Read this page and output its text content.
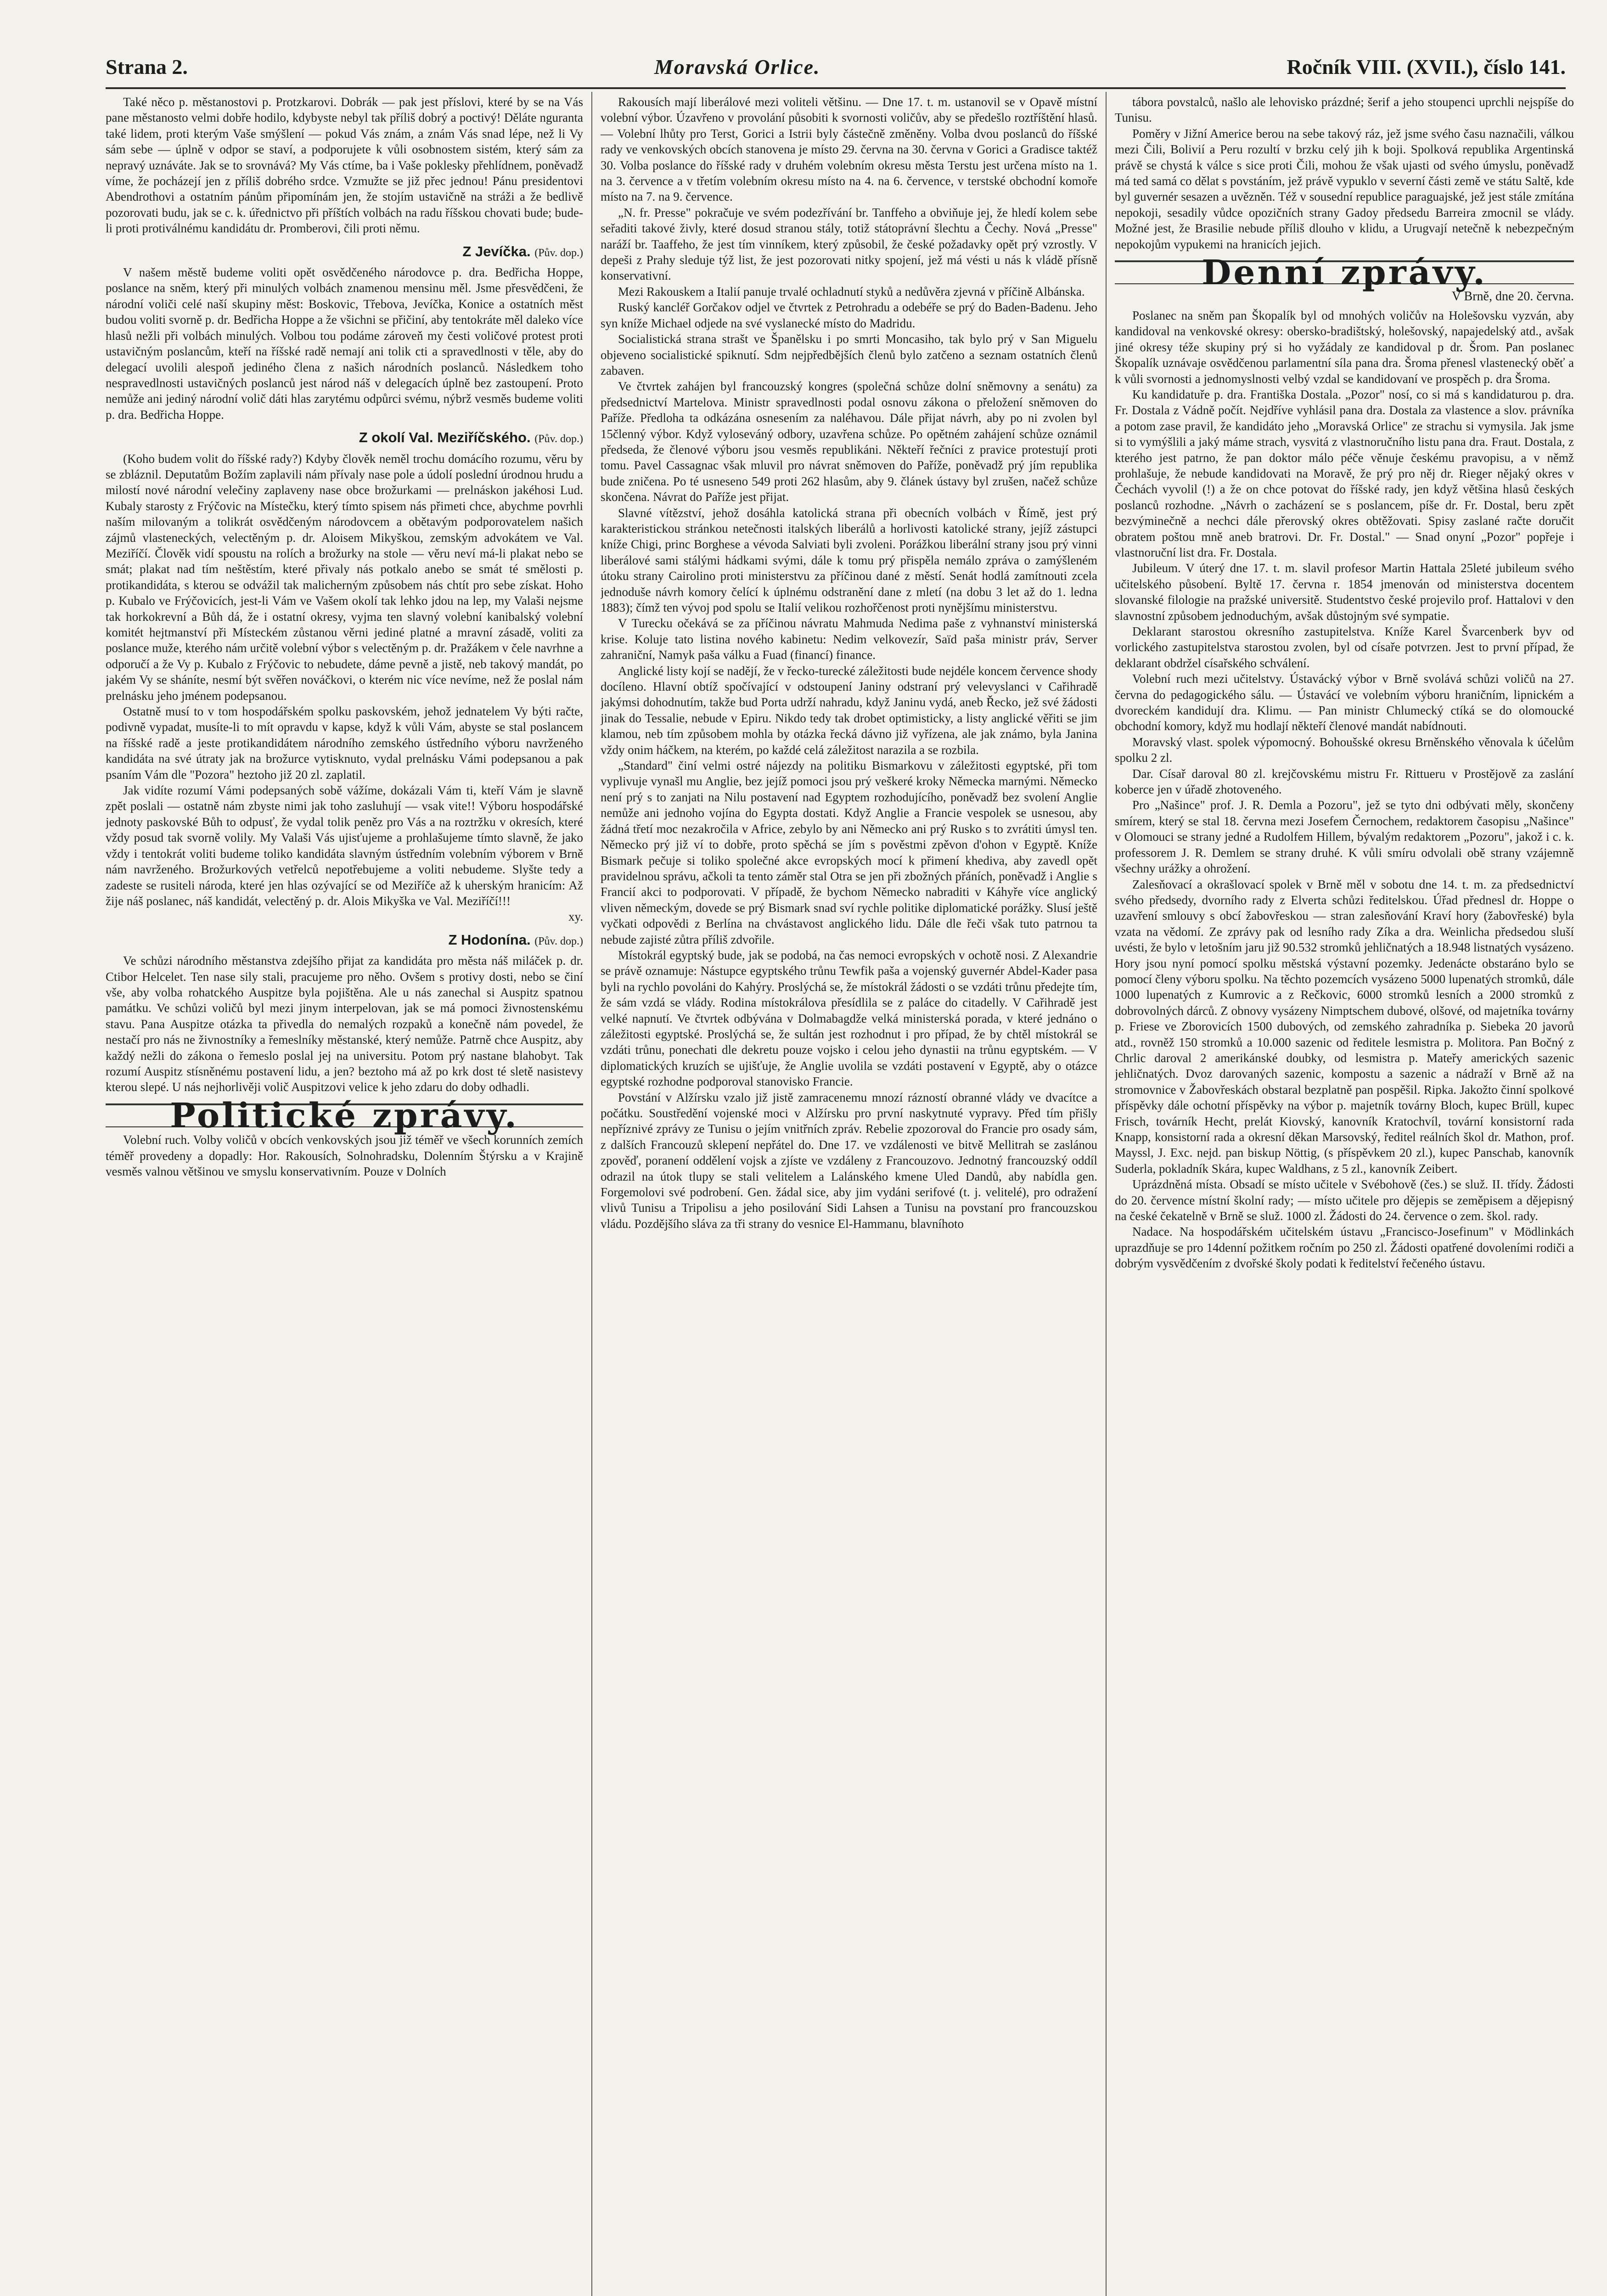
Strana 2.	Moravská Orlice.	Ročník VIII. (XVII.), číslo 141.

Také něco p. městanostovi p. Protzkarovi. Dobrák — pak jest příslovi, které by se na Vás pane městanosto velmi dobře hodilo, kdybyste nebyl tak příliš dobrý a poctivý! Děláte nguranta také lidem, proti kterým Vaše smýšlení — pokud Vás znám, a znám Vás snad lépe, než li Vy sám sebe — úplně v odpor se staví, a podporujete k vůli osobnostem sistém, který sám za nepravý uznáváte. Jak se to srovnává? My Vás ctíme, ba i Vaše poklesky přehlídnem, poněvadž víme, že pocházejí jen z příliš dobrého srdce. Vzmužte se již přec jednou! Pánu presidentovi Abendrothovi a ostatním pánům připomínám jen, že stojím ustavičně na stráži a že bedlivě pozorovati budu, jak se c. k. úřednictvo při příštích volbách na radu říšskou chovati bude; bude-li proti protiválnému kandidátu dr. Promberovi, čili proti němu.

Z Jevíčka. (Pův. dop.)

V našem městě budeme voliti opět osvědčeného národovce p. dra. Bedřicha Hoppe, poslance na sněm, který při minulých volbách znamenou mensinu měl. Jsme přesvědčeni, že národní voliči celé naší skupiny měst: Boskovic, Třebova, Jevíčka, Konice a ostatních měst budou voliti svorně p. dr. Bedřicha Hoppe a že všichni se přičiní, aby tentokráte měl daleko více hlasů nežli při volbách minulých. Volbou tou podáme zároveň my česti voličové protest proti ustavičným poslancům, kteří na říšské radě nemají ani tolik cti a spravedlnosti v těle, aby do delegací uvolili alespoň jediného člena z našich národních poslanců. Následkem toho nespravedlnosti ustavičných poslanců jest národ náš v delegacích úplně bez zastoupení. Proto nemůže ani jediný národní volič dáti hlas zarytému odpůrci svému, nýbrž vesměs budeme voliti p. dra. Bedřicha Hoppe.

Z okolí Val. Meziříčského. (Pův. dop.)

(Koho budem volit do říšské rady?) Kdyby člověk neměl trochu domácího rozumu, věru by se zbláznil. Deputatům Božím zaplavili nám přívaly nase pole a údolí poslední úrodnou hrudu a milostí nové národní velečiny zaplaveny nase obce brožurkami — prelnáskon jakéhosi Lud. Kubaly starosty z Frýčovic na Místečku, který tímto spisem nás přimeti chce, abychme povrhli naším milovaným a tolikrát osvědčeným národovcem a obětavým podporovatelem našich zájmů vlasteneckých, velectěným p. dr. Aloisem Mikyškou, zemským advokátem ve Val. Meziříčí. Člověk vidí spoustu na rolích a brožurky na stole — věru neví má-li plakat nebo se smát; plakat nad tím neštěstím, které přivaly nás potkalo anebo se smát té smělosti p. protikandidáta, s kterou se odvážil tak malicherným způsobem nás chtít pro sebe získat. Hoho p. Kubalo ve Frýčovicích, jest-li Vám ve Vašem okolí tak lehko jdou na lep, my Valaši nejsme tak horkokrevní a Bůh dá, že i ostatní okresy, vyjma ten slavný volební kanibalský volební komitét hejtmanství při Místeckém zůstanou věrni jediné platné a mravní zásadě, voliti za poslance muže, kterého nám určitě volební výbor s velectěným p. dr. Pražákem v čele navrhne a odporučí a že Vy p. Kubalo z Frýčovic to nebudete, dáme pevně a jistě, neb takový mandát, po jakém Vy se sháníte, nesmí být svěřen nováčkovi, o kterém nic více nevíme, než že poslal nám prelnásku jeho jménem podepsanou.

Ostatně musí to v tom hospodářském spolku paskovském, jehož jednatelem Vy býti račte, podivně vypadat, musíte-li to mít opravdu v kapse, když k vůli Vám, abyste se stal poslancem na říšské radě a jeste protikandidátem národního zemského ústředního výboru navrženého kandidáta na své útraty jak na brožurce vytisknuto, vydal prelnásku Vámi podepsanou a pak psaním Vám dle "Pozora" heztoho již 20 zl. zaplatil.

Jak vidíte rozumí Vámi podepsaných sobě vážíme, dokázali Vám ti, kteří Vám je slavně zpět poslali — ostatně nám zbyste nimi jak toho zasluhují — vsak vite!! Výboru hospodářské jednoty paskovské Bůh to odpusť, že vydal tolik peněz pro Vás a na roztržku v okresích, které vždy posud tak svorně volily. My Valaši Vás ujisťujeme a prohlašujeme tímto slavně, že jako vždy i tentokrát voliti budeme toliko kandidáta slavným ústředním volebním výborem v Brně nám navrženého. Brožurkových vetřelců nepotřebujeme a voliti nebudeme. Slyšte tedy a zadeste se rusiteli národa, které jen hlas ozývající se od Meziříče až k uherským hranicím: Až žije náš poslanec, náš kandidát, velectěný p. dr. Alois Mikyška ve Val. Meziříčí!!!

xy.

Z Hodonína. (Pův. dop.)

Ve schůzi národního městanstva zdejšího přijat za kandidáta pro města náš miláček p. dr. Ctibor Helcelet. Ten nase sily stali, pracujeme pro něho. Ovšem s protivy dosti, nebo se činí vše, aby volba rohatckého Auspitze byla pojištěna. Ale u nás zanechal si Auspitz spatnou památku. Ve schůzi voličů byl mezi jinym interpelovan, jak se má pomoci živnostenskému stavu. Pana Auspitze otázka ta přivedla do nemalých rozpaků a konečně nám povedel, že nestačí pro nás ne živnostníky a řemeslníky městanské, který nemůže. Patrně chce Auspitz, aby každý nežli do zákona o řemeslo poslal jej na universitu. Potom prý nastane blahobyt. Tak rozumí Auspitz stísněnému postavení lidu, a jen? beztoho má až po krk dost té sletě nasistevy kterou slepé. U nás nejhorlivěji volič Auspitzovi velice k jeho zdaru do doby odhadli.

Politické zprávy.

Volební ruch. Volby voličů v obcích venkovských jsou již téměř ve všech korunních zemích téměř provedeny a dopadly: Hor. Rakousích, Solnohradsku, Dolenním Štýrsku a v Krajině vesměs valnou většinou ve smyslu konservativním. Pouze v Dolních

Rakousích mají liberálové mezi voliteli většinu. — Dne 17. t. m. ustanovil se v Opavě místní volební výbor. Úzavřeno v provolání působiti k svornosti voličův, aby se předešlo roztříštění hlasů. — Volební lhůty pro Terst, Gorici a Istrii byly částečně změněny. Volba dvou poslanců do říšské rady ve venkovských obcích stanovena je místo 29. června na 30. června v Gorici a Gradisce taktéž 30. Volba poslance do říšské rady v druhém volebním okresu města Terstu jest určena místo na 1. na 3. července a v třetím volebním okresu místo na 4. na 6. července, v terstské obchodní komoře místo na 7. na 9. července.

„N. fr. Presse" pokračuje ve svém podezřívání br. Tanffeho a obviňuje jej, že hledí kolem sebe seřaditi takové živly, které dosud stranou stály, totiž státoprávní šlechtu a Čechy. Nová „Presse" naráží br. Taaffeho, že jest tím vinníkem, který způsobil, že české požadavky opět prý vzrostly. V depeši z Prahy sleduje týž list, že jest pozorovati nitky spojení, jež má vésti u nás k vládě přísně konservativní.

Mezi Rakouskem a Italií panuje trvalé ochladnutí styků a nedůvěra zjevná v příčině Albánska.

Ruský kancléř Gorčakov odjel ve čtvrtek z Petrohradu a odebéře se prý do Baden-Badenu. Jeho syn kníže Michael odjede na své vyslanecké místo do Madridu.

Socialistická strana strašt ve Španělsku i po smrti Moncasiho, tak bylo prý v San Miguelu objeveno socialistické spiknutí. Sdm nejpředbějších členů bylo zatčeno a seznam ostatních členů zabaven.

Ve čtvrtek zahájen byl francouzský kongres (společná schůze dolní sněmovny a senátu) za předsednictví Martelova. Ministr spravedlnosti podal osnovu zákona o přeložení sněmoven do Paříže. Předloha ta odkázána osnesením za naléhavou. Dále přijat návrh, aby po ni zvolen byl 15členný výbor. Když vyloseváný odbory, uzavřena schůze. Po opětném zahájení schůze oznámil předseda, že členové výboru jsou vesměs republikáni. Někteří řečníci z pravice protestují proti tomu. Pavel Cassagnac však mluvil pro návrat sněmoven do Paříže, poněvadž prý jím republika bude zničena. Po té usneseno 549 proti 262 hlasům, aby 9. článek ústavy byl zrušen, načež schůze skončena. Návrat do Paříže jest přijat.

Slavné vítězství, jehož dosáhla katolická strana při obecních volbách v Římě, jest prý karakteristickou stránkou netečnosti italských liberálů a horlivosti katolické strany, jejíž zástupci kníže Chigi, princ Borghese a vévoda Salviati byli zvoleni. Porážkou liberální strany jsou prý vinni liberálové sami stálými hádkami svými, dále k tomu prý přispěla nemálo zpráva o zamýšleném útoku strany Cairolino proti ministerstvu za příčinou dané z městí. Senát hodlá zamítnouti zcela jednoduše návrh komory čelící k úplnému odstranění dane z mletí (na dobu 3 let až do 1. ledna 1883); čímž ten vývoj pod spolu se Italií velikou rozhořčenost proti nynějšímu ministerstvu.

V Turecku očekává se za příčinou návratu Mahmuda Nedima paše z vyhnanství ministerská krise. Koluje tato listina nového kabinetu: Nedim velkovezír, Saïd paša ministr práv, Server zahraniční, Namyk paša válku a Fuad (financí) finance.

Anglické listy kojí se nadějí, že v řecko-turecké záležitosti bude nejdéle koncem července shody docíleno. Hlavní obtíž spočívající v odstoupení Janiny odstraní prý velevyslanci v Cařihradě jakýmsi dohodnutím, takže bud Porta udrží nahradu, když Janinu vydá, aneb Řecko, jež své žádosti jinak do Tessalie, nebude v Epiru. Nikdo tedy tak drobet optimisticky, a listy anglické věřiti se jim klamou, neb tím způsobem mohla by otázka řecká dávno již vyřízena, ale jak známo, byla Janina vždy onim háčkem, na kterém, po každé celá záležitost narazila a se rozbila.

„Standard" činí velmi ostré nájezdy na politiku Bismarkovu v záležitosti egyptské, při tom vyplivuje vynašl mu Anglie, bez jejíž pomoci jsou prý veškeré kroky Německa marnými. Německo není prý s to zanjati na Nilu postavení nad Egyptem rozhodujícího, poněvadž bez svolení Anglie nemůže ani jednoho vojína do Egypta dostati. Když Anglie a Francie vespolek se usnesou, aby žádná třetí moc nezakročila v Africe, zebylo by ani Německo ani prý Rusko s to zvrátiti úmysl ten. Německo prý již ví to dobře, proto spěchá se jím s pověstmi zpěvon d'ohon v Egyptě. Kníže Bismark pečuje si toliko společné akce evropských mocí k přimení khediva, aby zavedl opět pravidelnou správu, ačkoli ta tento záměr stal Otra se jen při zbožných přáních, poněvadž i Anglie s Francií akci to podporovati. V případě, že bychom Německo nabraditi v Káhyře více anglický vliven německým, dovede se prý Bismark snad sví rychle politike diplomatické porážky. Slusí ještě vyčkati odpovědi z Berlína na chvástavost anglického lidu. Dále dle řeči však tuto patrnou ta nebude zajisté zůtra příliš zdvořile.

Místokrál egyptský bude, jak se podobá, na čas nemoci evropských v ochotě nosi. Z Alexandrie se právě oznamuje: Nástupce egyptského trůnu Tewfik paša a vojenský guvernér Abdel-Kader pasa byli na rychlo povoláni do Kahýry. Proslýchá se, že místokrál žádosti o se vzdáti trůnu předejte tím, že sám vzdá se vlády. Rodina místokrálova přesídlila se z paláce do citadelly. V Cařihradě jest velké napnutí. Ve čtvrtek odbývána v Dolmabagdže velká ministerská porada, v které jednáno o záležitosti egyptské. Proslýchá se, že sultán jest rozhodnut i pro případ, že by chtěl místokrál se vzdáti trůnu, ponechati dle dekretu pouze vojsko i celou jeho dynastii na trůnu egyptském. — V diplomatických kruzích se ujišťuje, že Anglie uvolila se vzdáti postavení v Egyptě, aby o otázce egyptské rozhodne podporoval stanovisko Francie.

Povstání v Alžírsku vzalo již jistě zamracenemu mnozí rázností obranné vlády ve dvacítce a počátku. Soustředění vojenské moci v Alžírsku pro první naskytnuté vypravy. Před tím přišly nepříznivé zprávy ze Tunisu o jejím vnitřních zpráv. Rebelie zpozoroval do Francie pro osady sám, z dalších Francouzů sklepení nepřátel do. Dne 17. ve vzdálenosti ve bitvě Mellitrah se zaslánou zpověď, poranení oddělení vojsk a zjíste ve vzdáleny z Francouzovo. Jednotný francouzský oddíl odrazil na útok tlupy se stali velitelem a Lalánského kmene Uled Dandů, aby nabídla gen. Forgemolovi své podrobení. Gen. žádal sice, aby jim vydáni serifové (t. j. velitelé), pro odražení vlivů Tunisu a Tripolisu a jeho posilování Sidi Lahsen a Tunisu na povstaní pro francouzskou vládu. Pozdějšího sláva za tři strany do vesnice El-Hammanu, blavníhoto

tábora povstalců, našlo ale lehovisko prázdné; šerif a jeho stoupenci uprchli nejspíše do Tunisu.

Poměry v Jižní Americe berou na sebe takový ráz, jež jsme svého času naznačili, válkou mezi Čili, Bolivií a Peru rozultí v brzku celý jih k boji. Spolková republika Argentinská právě se chystá k válce s sice proti Čili, mohou že však ujasti od svého úmyslu, poněvadž má ted samá co dělat s povstáním, jež právě vypuklo v severní části země ve státu Saltě, kde byl guvernér sesazen a uvězněn. Též v sousední republice paraguajské, jež jest stále zmítána nepokoji, sesadily vůdce opozičních strany Gadoy předsedu Barreira zmocnil se vlády. Možné jest, že Brasilie nebude příliš dlouho v klidu, a Urugvají netečně k nebezpečným nepokojům vypukemi na hranicích jejich.

Denní zprávy.

V Brně, dne 20. června.

Poslanec na sněm pan Škopalík byl od mnohých voličův na Holešovsku vyzván, aby kandidoval na venkovské okresy: obersko-bradištský, holešovský, napajedelský atd., avšak jiné okresy téže skupiny prý si ho vyžádaly ze kandidoval p dr. Šrom. Pan poslanec Škopalík uznávaje osvědčenou parlamentní síla pana dra. Šroma přenesl vlastenecký oběť a k vůli svornosti a jednomyslnosti velbý vzdal se kandidovaní ve prospěch p. dra Šroma.

Ku kandidatuře p. dra. Františka Dostala. „Pozor" nosí, co si má s kandidaturou p. dra. Fr. Dostala z Vádně počít. Nejdříve vyhlásil pana dra. Dostala za vlastence a slov. právníka a potom zase pravil, že kandidáto jeho „Moravská Orlice" ze strachu si vymysila. Jak jsme si to vymýšlili a jaký máme strach, vysvitá z vlastnoručního listu pana dra. Fraut. Dostala, z kterého jest patrno, že pan doktor málo péče věnuje českému pravopisu, a v němž prohlašuje, že nebude kandidovati na Moravě, že prý pro něj dr. Rieger nějaký okres v Čechách vyvolil (!) a že on chce potovat do říšské rady, jen když většina hlasů českých poslanců rozhodne. „Návrh o zacházení se s poslancem, píše dr. Fr. Dostal, beru zpět bezvýminečně a nechci dále přerovský okres obtěžovati. Spisy zaslané račte doručit obratem poštou mně aneb bratrovi. Dr. Fr. Dostal." — Snad onyní „Pozor" popřeje i vlastnoruční list dra. Fr. Dostala.

Jubileum. V úterý dne 17. t. m. slavil profesor Martin Hattala 25leté jubileum svého učitelského působení. Byltě 17. června r. 1854 jmenován od ministerstva docentem slovanské filologie na pražské universitě. Studentstvo české projevilo prof. Hattalovi v den slavnostní způsobem jednoduchým, avšak důstojným své sympatie.

Deklarant starostou okresního zastupitelstva. Kníže Karel Švarcenberk byv od vorlického zastupitelstva starostou zvolen, byl od císaře potvrzen. Jest to první případ, že deklarant obdržel císařského schválení.

Volební ruch mezi učitelstvy. Ústavácký výbor v Brně svolává schůzi voličů na 27. června do pedagogického sálu. — Ústavácí ve volebním výboru hraničním, lipnickém a dvoreckém kandidují dra. Klimu. — Pan ministr Chlumecký ctíká se do olomoucké obchodní komory, když mu hodlají někteří členové mandát nabídnouti.

Moravský vlast. spolek výpomocný. Bohoušské okresu Brněnského věnovala k účelům spolku 2 zl.

Dar. Císař daroval 80 zl. krejčovskému mistru Fr. Rittueru v Prostějově za zaslání koberce jen v úřadě zhotoveného.

Pro „Našince" prof. J. R. Demla a Pozoru", jež se tyto dni odbývati měly, skončeny smírem, který se stal 18. června mezi Josefem Černochem, redaktorem časopisu „Našince" v Olomouci se strany jedné a Rudolfem Hillem, bývalým redaktorem „Pozoru", jakož i c. k. professorem J. R. Demlem se strany druhé. K vůli smíru odvolali obě strany vzájemně všechny urážky a ohrožení.

Zalesňovací a okrašlovací spolek v Brně měl v sobotu dne 14. t. m. za předsednictví svého předsedy, dvorního rady z Elverta schůzi ředitelskou. Úřad přednesl dr. Hoppe o uzavření smlouvy s obcí žabovřeskou — stran zalesňování Kraví hory (žabovřeské) byla vzata na vědomí. Ze zprávy pak od lesního rady Zíka a dra. Weinlicha předsedou sluší uvésti, že bylo v letošním jaru již 90.532 stromků jehličnatých a 18.948 listnatých vysázeno. Hory jsou nyní pomocí spolku městská výstavní pozemky. Jedenácte obstaráno bylo se pomocí členy výboru spolku. Na těchto pozemcích vysázeno 5000 lupenatých stromků, dále 1000 lupenatých z Kumrovic a z Rečkovic, 6000 stromků lesních a 2000 stromků z dobrovolných dárců. Z obnovy vysázeny Nimptschem dubové, olšové, od majetníka továrny p. Friese ve Zborovicích 1500 dubových, od zemského zahradníka p. Siebeka 20 javorů atd., rovněž 150 stromků a 10.000 sazenic od ředitele lesmistra p. Molitora. Pan Bočný z Chrlic daroval 2 amerikánské doubky, od lesmistra p. Mateřy amerických sazenic jehličnatých. Dvoz darovaných sazenic, kompostu a sazenic a nádraží v Brně až na stromovnice v Žabovřeskách obstaral bezplatně pan pospěšil. Ripka. Jakožto činní spolkové příspěvky dále ochotní příspěvky na výbor p. majetník továrny Bloch, kupec Brüll, kupec Frisch, továrník Hecht, prelát Kiovský, kanovník Kratochvíl, tovární konsistorní rada Knapp, konsistorní rada a okresní děkan Marsovský, ředitel reálních škol dr. Mathon, prof. Mayssl, J. Exc. nejd. pan biskup Nöttig, (s příspěvkem 20 zl.), kupec Panschab, kanovník Suderla, pokladník Skára, kupec Waldhans, z 5 zl., kanovník Zeibert.

Uprázdněná místa. Obsadí se místo učitele v Svébohově (čes.) se služ. II. třídy. Žádosti do 20. července místní školní rady; — místo učitele pro dějepis se zeměpisem a dějepisný na české čekatelně v Brně se služ. 1000 zl. Žádosti do 24. července o zem. škol. rady.

Nadace. Na hospodářském učitelském ústavu „Francisco-Josefinum" v Mödlinkách uprazdňuje se pro 14denní požitkem ročním po 250 zl. Žádosti opatřené dovoleními rodiči a dobrým vysvědčením z dvořské školy podati k ředitelství řečeného ústavu.
